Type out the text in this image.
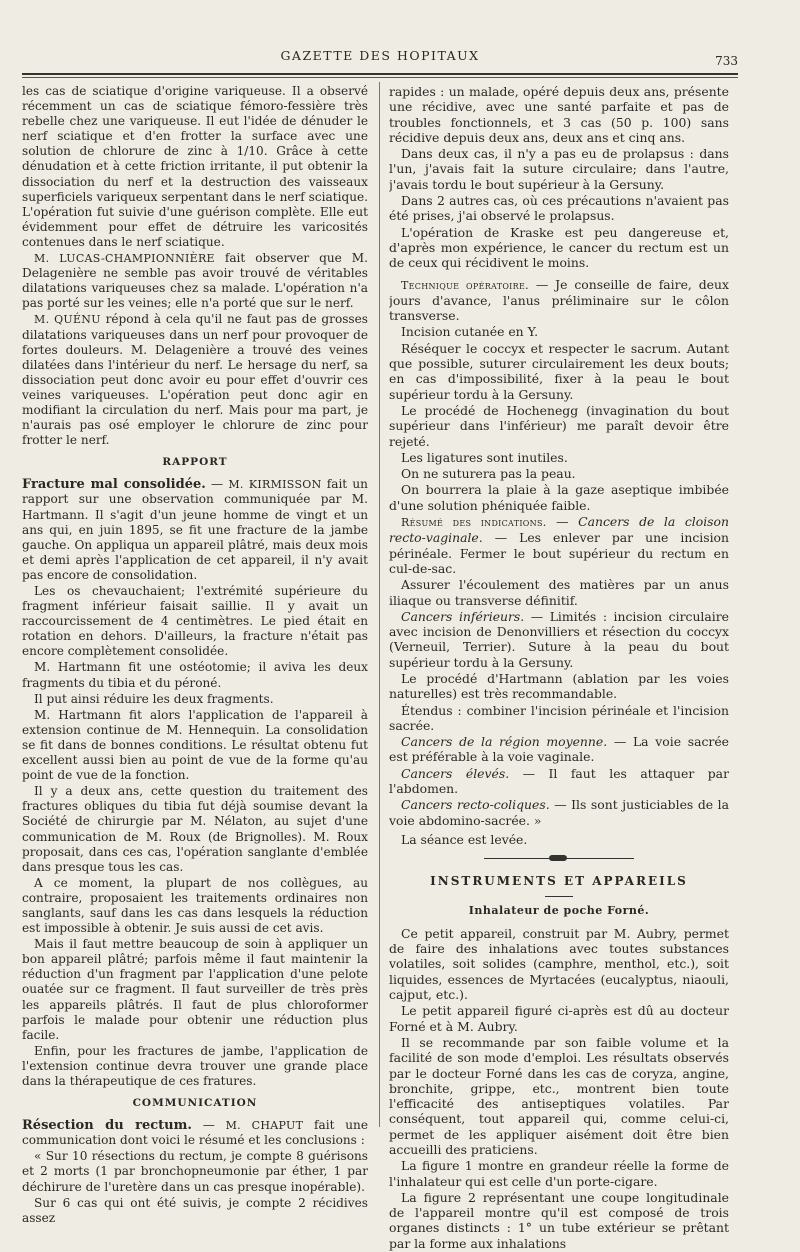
GAZETTE DES HOPITAUX	733

les cas de sciatique d'origine variqueuse. Il a observé récemment un cas de sciatique fémoro-fessière très rebelle chez une variqueuse. Il eut l'idée de dénuder le nerf sciatique et d'en frotter la surface avec une solution de chlorure de zinc à 1/10. Grâce à cette dénudation et à cette friction irritante, il put obtenir la dissociation du nerf et la destruction des vaisseaux superficiels variqueux serpentant dans le nerf sciatique. L'opération fut suivie d'une guérison complète. Elle eut évidemment pour effet de détruire les varicosités contenues dans le nerf sciatique.

M. LUCAS-CHAMPIONNIÈRE fait observer que M. Delagenière ne semble pas avoir trouvé de véritables dilatations variqueuses chez sa malade. L'opération n'a pas porté sur les veines; elle n'a porté que sur le nerf.

M. QUÉNU répond à cela qu'il ne faut pas de grosses dilatations variqueuses dans un nerf pour provoquer de fortes douleurs. M. Delagenière a trouvé des veines dilatées dans l'intérieur du nerf. Le hersage du nerf, sa dissociation peut donc avoir eu pour effet d'ouvrir ces veines variqueuses. L'opération peut donc agir en modifiant la circulation du nerf. Mais pour ma part, je n'aurais pas osé employer le chlorure de zinc pour frotter le nerf.

RAPPORT

Fracture mal consolidée. — M. KIRMISSON fait un rapport sur une observation communiquée par M. Hartmann. Il s'agit d'un jeune homme de vingt et un ans qui, en juin 1895, se fit une fracture de la jambe gauche. On appliqua un appareil plâtré, mais deux mois et demi après l'application de cet appareil, il n'y avait pas encore de consolidation.

Les os chevauchaient; l'extrémité supérieure du fragment inférieur faisait saillie. Il y avait un raccourcissement de 4 centimètres. Le pied était en rotation en dehors. D'ailleurs, la fracture n'était pas encore complètement consolidée.

M. Hartmann fit une ostéotomie; il aviva les deux fragments du tibia et du péroné.

Il put ainsi réduire les deux fragments.

M. Hartmann fit alors l'application de l'appareil à extension continue de M. Hennequin. La consolidation se fit dans de bonnes conditions. Le résultat obtenu fut excellent aussi bien au point de vue de la forme qu'au point de vue de la fonction.

Il y a deux ans, cette question du traitement des fractures obliques du tibia fut déjà soumise devant la Société de chirurgie par M. Nélaton, au sujet d'une communication de M. Roux (de Brignolles). M. Roux proposait, dans ces cas, l'opération sanglante d'emblée dans presque tous les cas.

A ce moment, la plupart de nos collègues, au contraire, proposaient les traitements ordinaires non sanglants, sauf dans les cas dans lesquels la réduction est impossible à obtenir. Je suis aussi de cet avis.

Mais il faut mettre beaucoup de soin à appliquer un bon appareil plâtré; parfois même il faut maintenir la réduction d'un fragment par l'application d'une pelote ouatée sur ce fragment. Il faut surveiller de très près les appareils plâtrés. Il faut de plus chloroformer parfois le malade pour obtenir une réduction plus facile.

Enfin, pour les fractures de jambe, l'application de l'extension continue devra trouver une grande place dans la thérapeutique de ces fratures.

COMMUNICATION

Résection du rectum. — M. CHAPUT fait une communication dont voici le résumé et les conclusions :

« Sur 10 résections du rectum, je compte 8 guérisons et 2 morts (1 par bronchopneumonie par éther, 1 par déchirure de l'uretère dans un cas presque inopérable).

Sur 6 cas qui ont été suivis, je compte 2 récidives assez

rapides : un malade, opéré depuis deux ans, présente une récidive, avec une santé parfaite et pas de troubles fonctionnels, et 3 cas (50 p. 100) sans récidive depuis deux ans, deux ans et cinq ans.

Dans deux cas, il n'y a pas eu de prolapsus : dans l'un, j'avais fait la suture circulaire; dans l'autre, j'avais tordu le bout supérieur à la Gersuny.

Dans 2 autres cas, où ces précautions n'avaient pas été prises, j'ai observé le prolapsus.

L'opération de Kraske est peu dangereuse et, d'après mon expérience, le cancer du rectum est un de ceux qui récidivent le moins.

Technique opératoire. — Je conseille de faire, deux jours d'avance, l'anus préliminaire sur le côlon transverse.

Incision cutanée en Y.

Réséquer le coccyx et respecter le sacrum. Autant que possible, suturer circulairement les deux bouts; en cas d'impossibilité, fixer à la peau le bout supérieur tordu à la Gersuny.

Le procédé de Hochenegg (invagination du bout supérieur dans l'inférieur) me paraît devoir être rejeté.

Les ligatures sont inutiles.

On ne suturera pas la peau.

On bourrera la plaie à la gaze aseptique imbibée d'une solution phéniquée faible.

Résumé des indications. — Cancers de la cloison recto-vaginale. — Les enlever par une incision périnéale. Fermer le bout supérieur du rectum en cul-de-sac.

Assurer l'écoulement des matières par un anus iliaque ou transverse définitif.

Cancers inférieurs. — Limités : incision circulaire avec incision de Denonvilliers et résection du coccyx (Verneuil, Terrier). Suture à la peau du bout supérieur tordu à la Gersuny.

Le procédé d'Hartmann (ablation par les voies naturelles) est très recommandable.

Étendus : combiner l'incision périnéale et l'incision sacrée.

Cancers de la région moyenne. — La voie sacrée est préférable à la voie vaginale.

Cancers élevés. — Il faut les attaquer par l'abdomen.

Cancers recto-coliques. — Ils sont justiciables de la voie abdomino-sacrée. »

La séance est levée.

INSTRUMENTS ET APPAREILS

Inhalateur de poche Forné.

Ce petit appareil, construit par M. Aubry, permet de faire des inhalations avec toutes substances volatiles, soit solides (camphre, menthol, etc.), soit liquides, essences de Myrtacées (eucalyptus, niaouli, cajput, etc.).

Le petit appareil figuré ci-après est dû au docteur Forné et à M. Aubry.

Il se recommande par son faible volume et la facilité de son mode d'emploi. Les résultats observés par le docteur Forné dans les cas de coryza, angine, bronchite, grippe, etc., montrent bien toute l'efficacité des antiseptiques volatiles. Par conséquent, tout appareil qui, comme celui-ci, permet de les appliquer aisément doit être bien accueilli des praticiens.

La figure 1 montre en grandeur réelle la forme de l'inhalateur qui est celle d'un porte-cigare.

La figure 2 représentant une coupe longitudinale de l'appareil montre qu'il est composé de trois organes distincts : 1° un tube extérieur se prêtant par la forme aux inhalations
